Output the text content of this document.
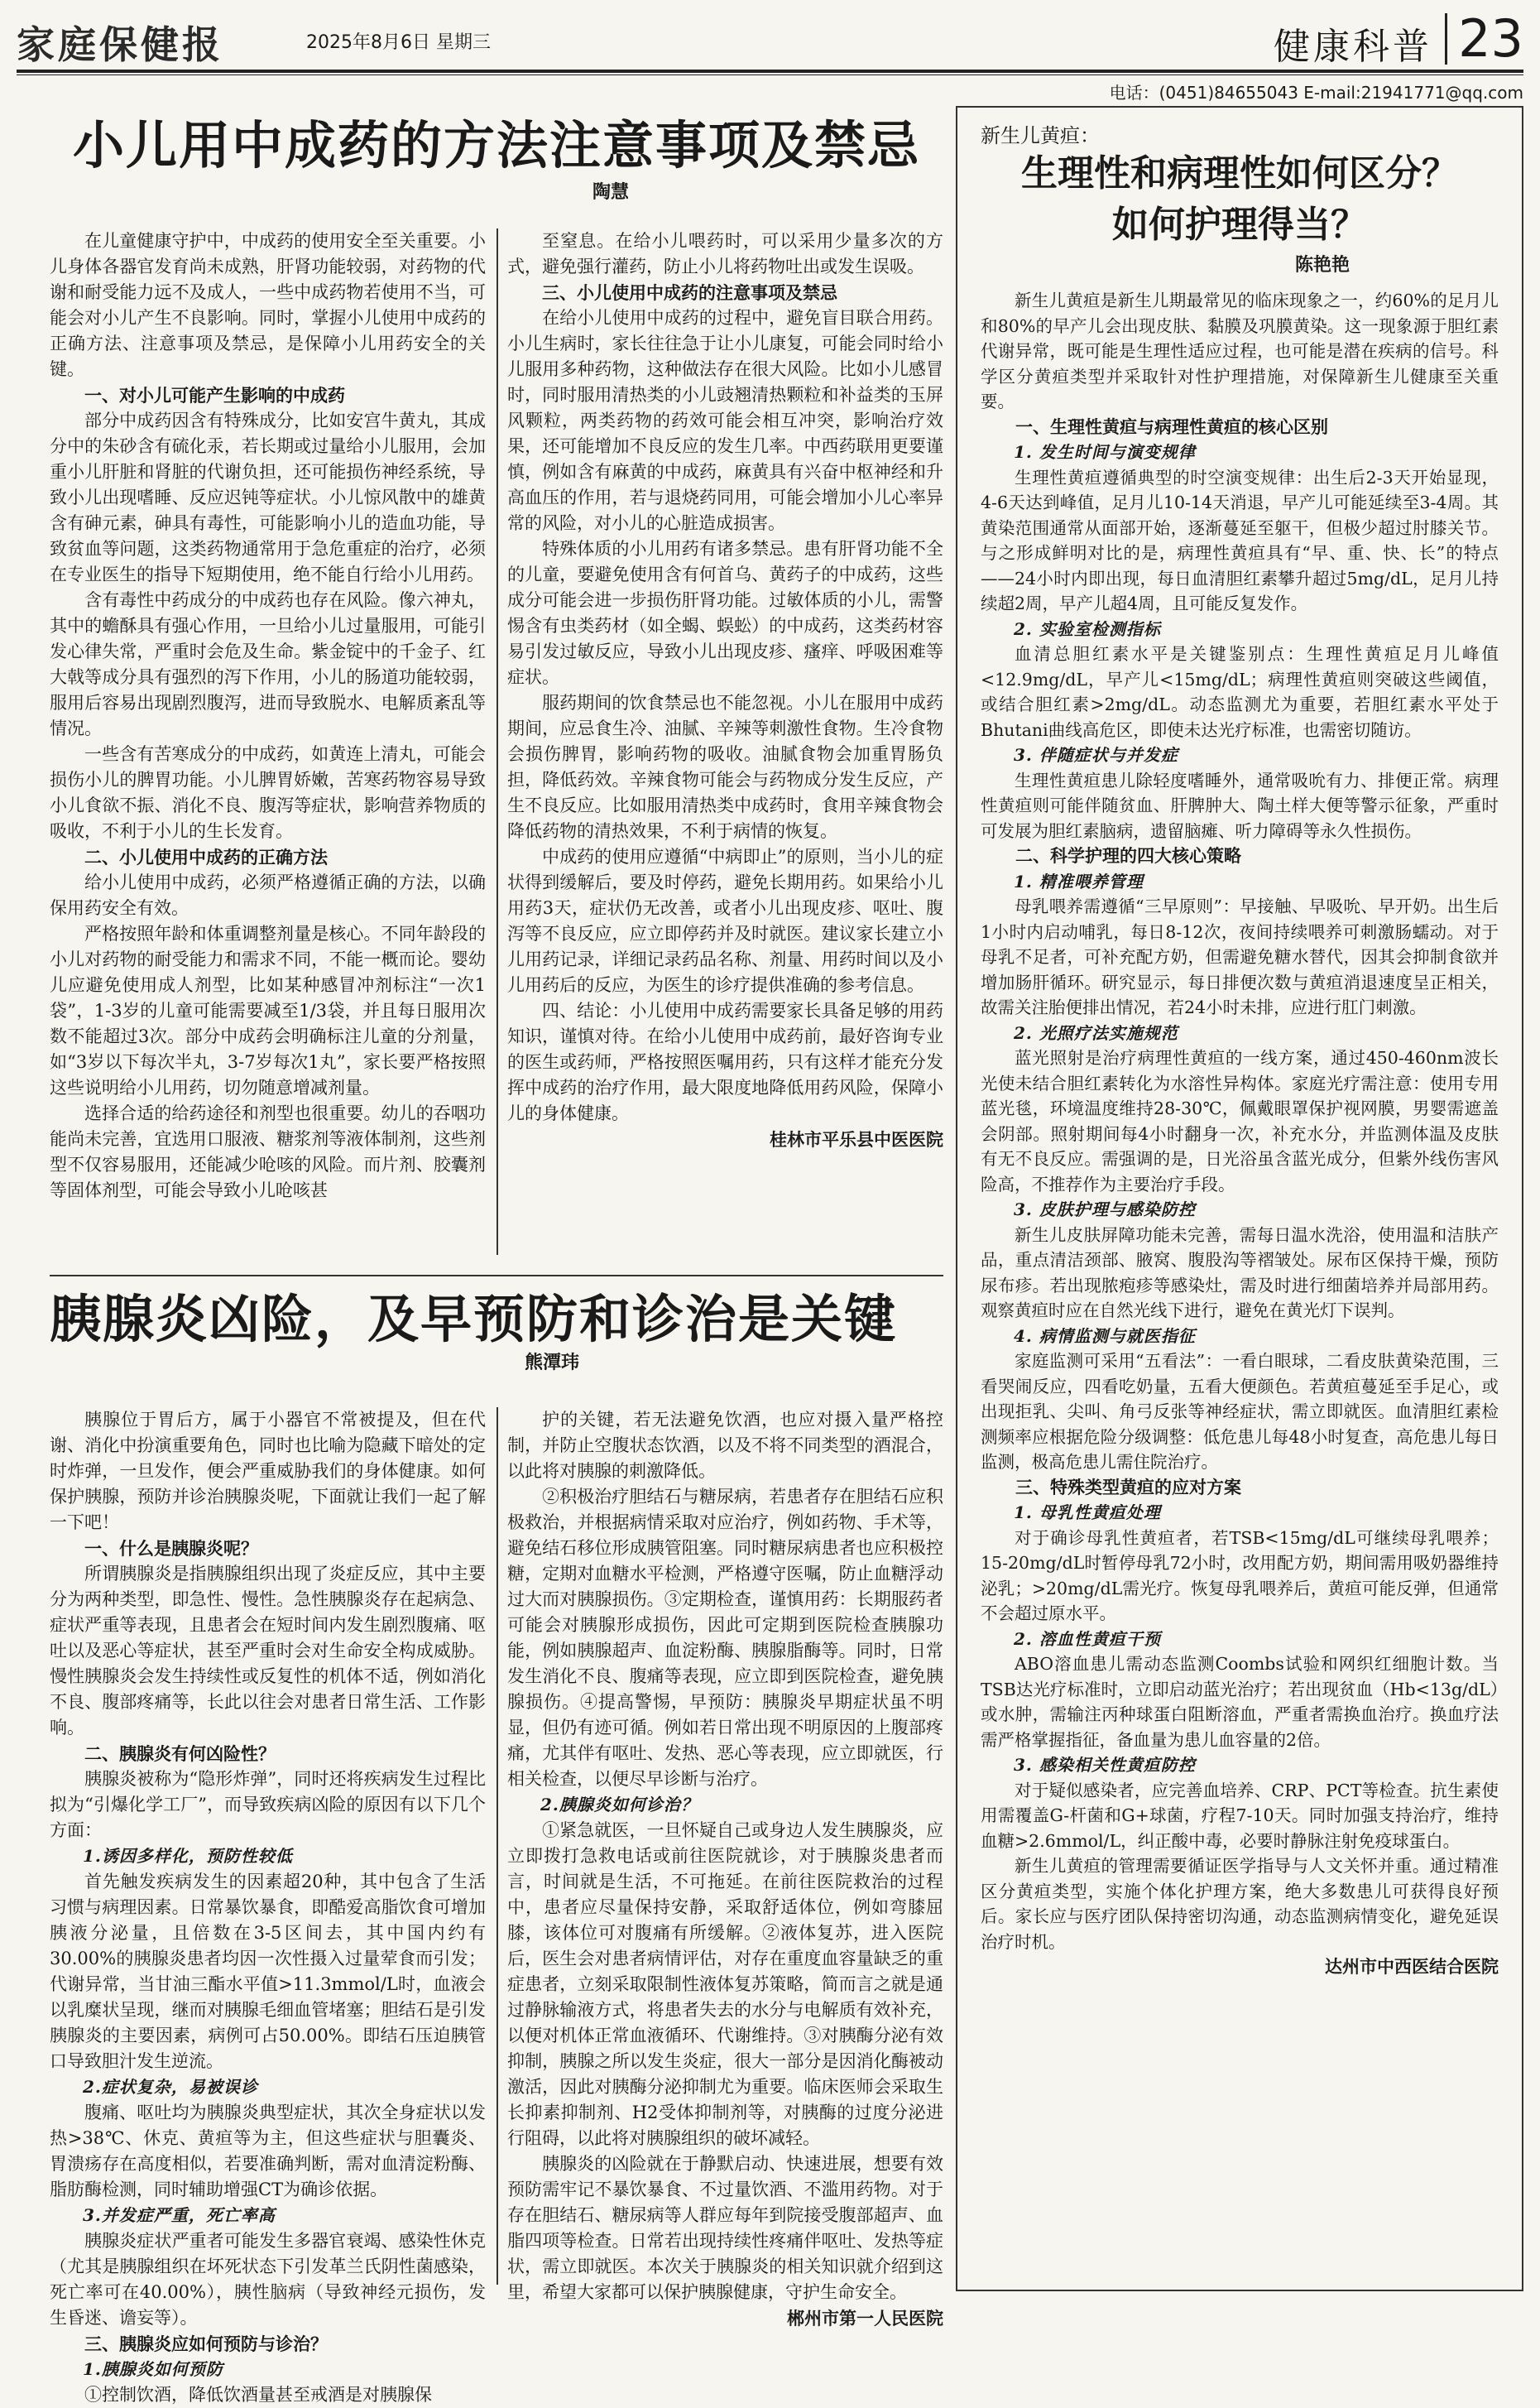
家庭保健报	2025年8月6日 星期三	健康科普 23
电话：(0451)84655043 E-mail:21941771@qq.com
小儿用中成药的方法注意事项及禁忌
陶慧

在儿童健康守护中，中成药的使用安全至关重要。小儿身体各器官发育尚未成熟，肝肾功能较弱，对药物的代谢和耐受能力远不及成人，一些中成药物若使用不当，可能会对小儿产生不良影响。同时，掌握小儿使用中成药的正确方法、注意事项及禁忌，是保障小儿用药安全的关键。

一、对小儿可能产生影响的中成药

部分中成药因含有特殊成分，比如安宫牛黄丸，其成分中的朱砂含有硫化汞，若长期或过量给小儿服用，会加重小儿肝脏和肾脏的代谢负担，还可能损伤神经系统，导致小儿出现嗜睡、反应迟钝等症状。小儿惊风散中的雄黄含有砷元素，砷具有毒性，可能影响小儿的造血功能，导致贫血等问题，这类药物通常用于急危重症的治疗，必须在专业医生的指导下短期使用，绝不能自行给小儿用药。

含有毒性中药成分的中成药也存在风险。像六神丸，其中的蟾酥具有强心作用，一旦给小儿过量服用，可能引发心律失常，严重时会危及生命。紫金锭中的千金子、红大戟等成分具有强烈的泻下作用，小儿的肠道功能较弱，服用后容易出现剧烈腹泻，进而导致脱水、电解质紊乱等情况。

一些含有苦寒成分的中成药，如黄连上清丸，可能会损伤小儿的脾胃功能。小儿脾胃娇嫩，苦寒药物容易导致小儿食欲不振、消化不良、腹泻等症状，影响营养物质的吸收，不利于小儿的生长发育。

二、小儿使用中成药的正确方法

给小儿使用中成药，必须严格遵循正确的方法，以确保用药安全有效。

严格按照年龄和体重调整剂量是核心。不同年龄段的小儿对药物的耐受能力和需求不同，不能一概而论。婴幼儿应避免使用成人剂型，比如某种感冒冲剂标注“一次1袋”，1-3岁的儿童可能需要减至1/3袋，并且每日服用次数不能超过3次。部分中成药会明确标注儿童的分剂量，如“3岁以下每次半丸，3-7岁每次1丸”，家长要严格按照这些说明给小儿用药，切勿随意增减剂量。

选择合适的给药途径和剂型也很重要。幼儿的吞咽功能尚未完善，宜选用口服液、糖浆剂等液体制剂，这些剂型不仅容易服用，还能减少呛咳的风险。而片剂、胶囊剂等固体剂型，可能会导致小儿呛咳甚

至窒息。在给小儿喂药时，可以采用少量多次的方式，避免强行灌药，防止小儿将药物吐出或发生误吸。

三、小儿使用中成药的注意事项及禁忌

在给小儿使用中成药的过程中，避免盲目联合用药。小儿生病时，家长往往急于让小儿康复，可能会同时给小儿服用多种药物，这种做法存在很大风险。比如小儿感冒时，同时服用清热类的小儿豉翘清热颗粒和补益类的玉屏风颗粒，两类药物的药效可能会相互冲突，影响治疗效果，还可能增加不良反应的发生几率。中西药联用更要谨慎，例如含有麻黄的中成药，麻黄具有兴奋中枢神经和升高血压的作用，若与退烧药同用，可能会增加小儿心率异常的风险，对小儿的心脏造成损害。

特殊体质的小儿用药有诸多禁忌。患有肝肾功能不全的儿童，要避免使用含有何首乌、黄药子的中成药，这些成分可能会进一步损伤肝肾功能。过敏体质的小儿，需警惕含有虫类药材（如全蝎、蜈蚣）的中成药，这类药材容易引发过敏反应，导致小儿出现皮疹、瘙痒、呼吸困难等症状。

服药期间的饮食禁忌也不能忽视。小儿在服用中成药期间，应忌食生冷、油腻、辛辣等刺激性食物。生冷食物会损伤脾胃，影响药物的吸收。油腻食物会加重胃肠负担，降低药效。辛辣食物可能会与药物成分发生反应，产生不良反应。比如服用清热类中成药时，食用辛辣食物会降低药物的清热效果，不利于病情的恢复。

中成药的使用应遵循“中病即止”的原则，当小儿的症状得到缓解后，要及时停药，避免长期用药。如果给小儿用药3天，症状仍无改善，或者小儿出现皮疹、呕吐、腹泻等不良反应，应立即停药并及时就医。建议家长建立小儿用药记录，详细记录药品名称、剂量、用药时间以及小儿用药后的反应，为医生的诊疗提供准确的参考信息。

四、结论：小儿使用中成药需要家长具备足够的用药知识，谨慎对待。在给小儿使用中成药前，最好咨询专业的医生或药师，严格按照医嘱用药，只有这样才能充分发挥中成药的治疗作用，最大限度地降低用药风险，保障小儿的身体健康。

桂林市平乐县中医医院
胰腺炎凶险，及早预防和诊治是关键
熊潭玮

胰腺位于胃后方，属于小器官不常被提及，但在代谢、消化中扮演重要角色，同时也比喻为隐藏下暗处的定时炸弹，一旦发作，便会严重威胁我们的身体健康。如何保护胰腺，预防并诊治胰腺炎呢，下面就让我们一起了解一下吧！

一、什么是胰腺炎呢？

所谓胰腺炎是指胰腺组织出现了炎症反应，其中主要分为两种类型，即急性、慢性。急性胰腺炎存在起病急、症状严重等表现，且患者会在短时间内发生剧烈腹痛、呕吐以及恶心等症状，甚至严重时会对生命安全构成威胁。慢性胰腺炎会发生持续性或反复性的机体不适，例如消化不良、腹部疼痛等，长此以往会对患者日常生活、工作影响。

二、胰腺炎有何凶险性？

胰腺炎被称为“隐形炸弹”，同时还将疾病发生过程比拟为“引爆化学工厂”，而导致疾病凶险的原因有以下几个方面：

1.诱因多样化，预防性较低

首先触发疾病发生的因素超20种，其中包含了生活习惯与病理因素。日常暴饮暴食，即酷爱高脂饮食可增加胰液分泌量，且倍数在3-5区间去，其中国内约有30.00%的胰腺炎患者均因一次性摄入过量荤食而引发；代谢异常，当甘油三酯水平值>11.3mmol/L时，血液会以乳糜状呈现，继而对胰腺毛细血管堵塞；胆结石是引发胰腺炎的主要因素，病例可占50.00%。即结石压迫胰管口导致胆汁发生逆流。

2.症状复杂，易被误诊

腹痛、呕吐均为胰腺炎典型症状，其次全身症状以发热>38℃、休克、黄疸等为主，但这些症状与胆囊炎、胃溃疡存在高度相似，若要准确判断，需对血清淀粉酶、脂肪酶检测，同时辅助增强CT为确诊依据。

3.并发症严重，死亡率高

胰腺炎症状严重者可能发生多器官衰竭、感染性休克（尤其是胰腺组织在坏死状态下引发革兰氏阴性菌感染，死亡率可在40.00%），胰性脑病（导致神经元损伤，发生昏迷、谵妄等）。

三、胰腺炎应如何预防与诊治？
1.胰腺炎如何预防

①控制饮酒，降低饮酒量甚至戒酒是对胰腺保

护的关键，若无法避免饮酒，也应对摄入量严格控制，并防止空腹状态饮酒，以及不将不同类型的酒混合，以此将对胰腺的刺激降低。

②积极治疗胆结石与糖尿病，若患者存在胆结石应积极救治，并根据病情采取对应治疗，例如药物、手术等，避免结石移位形成胰管阻塞。同时糖尿病患者也应积极控糖，定期对血糖水平检测，严格遵守医嘱，防止血糖浮动过大而对胰腺损伤。③定期检查，谨慎用药：长期服药者可能会对胰腺形成损伤，因此可定期到医院检查胰腺功能，例如胰腺超声、血淀粉酶、胰腺脂酶等。同时，日常发生消化不良、腹痛等表现，应立即到医院检查，避免胰腺损伤。④提高警惕，早预防：胰腺炎早期症状虽不明显，但仍有迹可循。例如若日常出现不明原因的上腹部疼痛，尤其伴有呕吐、发热、恶心等表现，应立即就医，行相关检查，以便尽早诊断与治疗。

2.胰腺炎如何诊治？

①紧急就医，一旦怀疑自己或身边人发生胰腺炎，应立即拨打急救电话或前往医院就诊，对于胰腺炎患者而言，时间就是生活，不可拖延。在前往医院救治的过程中，患者应尽量保持安静，采取舒适体位，例如弯膝屈膝，该体位可对腹痛有所缓解。②液体复苏，进入医院后，医生会对患者病情评估，对存在重度血容量缺乏的重症患者，立刻采取限制性液体复苏策略，简而言之就是通过静脉输液方式，将患者失去的水分与电解质有效补充，以便对机体正常血液循环、代谢维持。③对胰酶分泌有效抑制，胰腺之所以发生炎症，很大一部分是因消化酶被动激活，因此对胰酶分泌抑制尤为重要。临床医师会采取生长抑素抑制剂、H2受体抑制剂等，对胰酶的过度分泌进行阻碍，以此将对胰腺组织的破坏减轻。

胰腺炎的凶险就在于静默启动、快速进展，想要有效预防需牢记不暴饮暴食、不过量饮酒、不滥用药物。对于存在胆结石、糖尿病等人群应每年到院接受腹部超声、血脂四项等检查。日常若出现持续性疼痛伴呕吐、发热等症状，需立即就医。本次关于胰腺炎的相关知识就介绍到这里，希望大家都可以保护胰腺健康，守护生命安全。

郴州市第一人民医院
新生儿黄疸：
生理性和病理性如何区分？
如何护理得当？
陈艳艳

新生儿黄疸是新生儿期最常见的临床现象之一，约60%的足月儿和80%的早产儿会出现皮肤、黏膜及巩膜黄染。这一现象源于胆红素代谢异常，既可能是生理性适应过程，也可能是潜在疾病的信号。科学区分黄疸类型并采取针对性护理措施，对保障新生儿健康至关重要。

一、生理性黄疸与病理性黄疸的核心区别
1. 发生时间与演变规律

生理性黄疸遵循典型的时空演变规律：出生后2-3天开始显现，4-6天达到峰值，足月儿10-14天消退，早产儿可能延续至3-4周。其黄染范围通常从面部开始，逐渐蔓延至躯干，但极少超过肘膝关节。与之形成鲜明对比的是，病理性黄疸具有“早、重、快、长”的特点——24小时内即出现，每日血清胆红素攀升超过5mg/dL，足月儿持续超2周，早产儿超4周，且可能反复发作。

2. 实验室检测指标

血清总胆红素水平是关键鉴别点：生理性黄疸足月儿峰值<12.9mg/dL，早产儿<15mg/dL；病理性黄疸则突破这些阈值，或结合胆红素>2mg/dL。动态监测尤为重要，若胆红素水平处于Bhutani曲线高危区，即使未达光疗标准，也需密切随访。

3. 伴随症状与并发症

生理性黄疸患儿除轻度嗜睡外，通常吸吮有力、排便正常。病理性黄疸则可能伴随贫血、肝脾肿大、陶土样大便等警示征象，严重时可发展为胆红素脑病，遗留脑瘫、听力障碍等永久性损伤。

二、科学护理的四大核心策略
1. 精准喂养管理

母乳喂养需遵循“三早原则”：早接触、早吸吮、早开奶。出生后1小时内启动哺乳，每日8-12次，夜间持续喂养可刺激肠蠕动。对于母乳不足者，可补充配方奶，但需避免糖水替代，因其会抑制食欲并增加肠肝循环。研究显示，每日排便次数与黄疸消退速度呈正相关，故需关注胎便排出情况，若24小时未排，应进行肛门刺激。

2. 光照疗法实施规范

蓝光照射是治疗病理性黄疸的一线方案，通过450-460nm波长光使未结合胆红素转化为水溶性异构体。家庭光疗需注意：使用专用蓝光毯，环境温度维持28-30℃，佩戴眼罩保护视网膜，男婴需遮盖会阴部。照射期间每4小时翻身一次，补充水分，并监测体温及皮肤有无不良反应。需强调的是，日光浴虽含蓝光成分，但紫外线伤害风险高，不推荐作为主要治疗手段。

3. 皮肤护理与感染防控

新生儿皮肤屏障功能未完善，需每日温水洗浴，使用温和洁肤产品，重点清洁颈部、腋窝、腹股沟等褶皱处。尿布区保持干燥，预防尿布疹。若出现脓疱疹等感染灶，需及时进行细菌培养并局部用药。观察黄疸时应在自然光线下进行，避免在黄光灯下误判。

4. 病情监测与就医指征

家庭监测可采用“五看法”：一看白眼球，二看皮肤黄染范围，三看哭闹反应，四看吃奶量，五看大便颜色。若黄疸蔓延至手足心，或出现拒乳、尖叫、角弓反张等神经症状，需立即就医。血清胆红素检测频率应根据危险分级调整：低危患儿每48小时复查，高危患儿每日监测，极高危患儿需住院治疗。

三、特殊类型黄疸的应对方案
1. 母乳性黄疸处理

对于确诊母乳性黄疸者，若TSB<15mg/dL可继续母乳喂养；15-20mg/dL时暂停母乳72小时，改用配方奶，期间需用吸奶器维持泌乳；>20mg/dL需光疗。恢复母乳喂养后，黄疸可能反弹，但通常不会超过原水平。

2. 溶血性黄疸干预

ABO溶血患儿需动态监测Coombs试验和网织红细胞计数。当TSB达光疗标准时，立即启动蓝光治疗；若出现贫血（Hb<13g/dL）或水肿，需输注丙种球蛋白阻断溶血，严重者需换血治疗。换血疗法需严格掌握指征，备血量为患儿血容量的2倍。

3. 感染相关性黄疸防控

对于疑似感染者，应完善血培养、CRP、PCT等检查。抗生素使用需覆盖G-杆菌和G+球菌，疗程7-10天。同时加强支持治疗，维持血糖>2.6mmol/L，纠正酸中毒，必要时静脉注射免疫球蛋白。

新生儿黄疸的管理需要循证医学指导与人文关怀并重。通过精准区分黄疸类型，实施个体化护理方案，绝大多数患儿可获得良好预后。家长应与医疗团队保持密切沟通，动态监测病情变化，避免延误治疗时机。

达州市中西医结合医院
